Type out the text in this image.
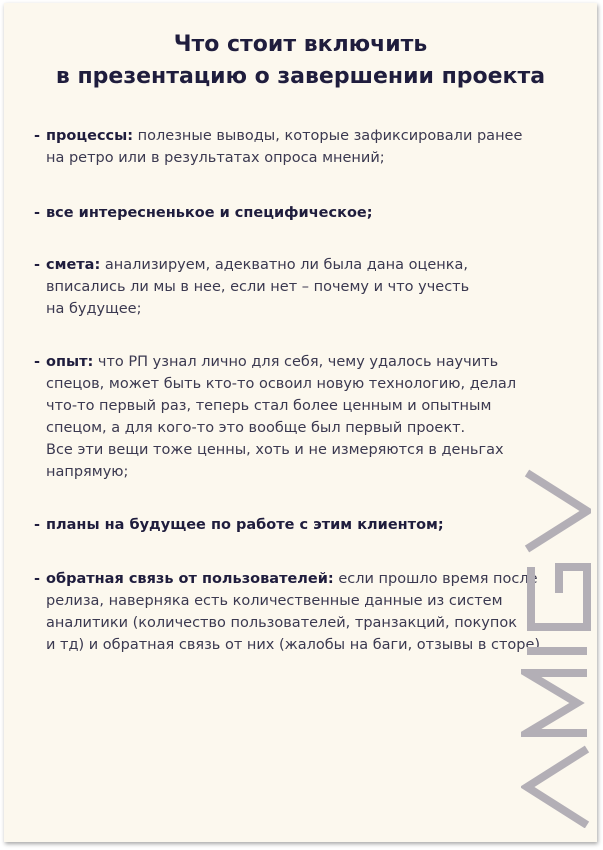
Что стоит включить
в презентацию о завершении проекта
- процессы: полезные выводы, которые зафиксировали ранее
на ретро или в результатах опроса мнений;
- все интересненькое и специфическое;
- смета: анализируем, адекватно ли была дана оценка,
вписались ли мы в нее, если нет – почему и что учесть
на будущее;
- опыт: что РП узнал лично для себя, чему удалось научить
спецов, может быть кто-то освоил новую технологию, делал
что-то первый раз, теперь стал более ценным и опытным
спецом, а для кого-то это вообще был первый проект.
Все эти вещи тоже ценны, хоть и не измеряются в деньгах
напрямую;
- планы на будущее по работе с этим клиентом;
- обратная связь от пользователей: если прошло время после
релиза, наверняка есть количественные данные из систем
аналитики (количество пользователей, транзакций, покупок
и тд) и обратная связь от них (жалобы на баги, отзывы в сторе).
